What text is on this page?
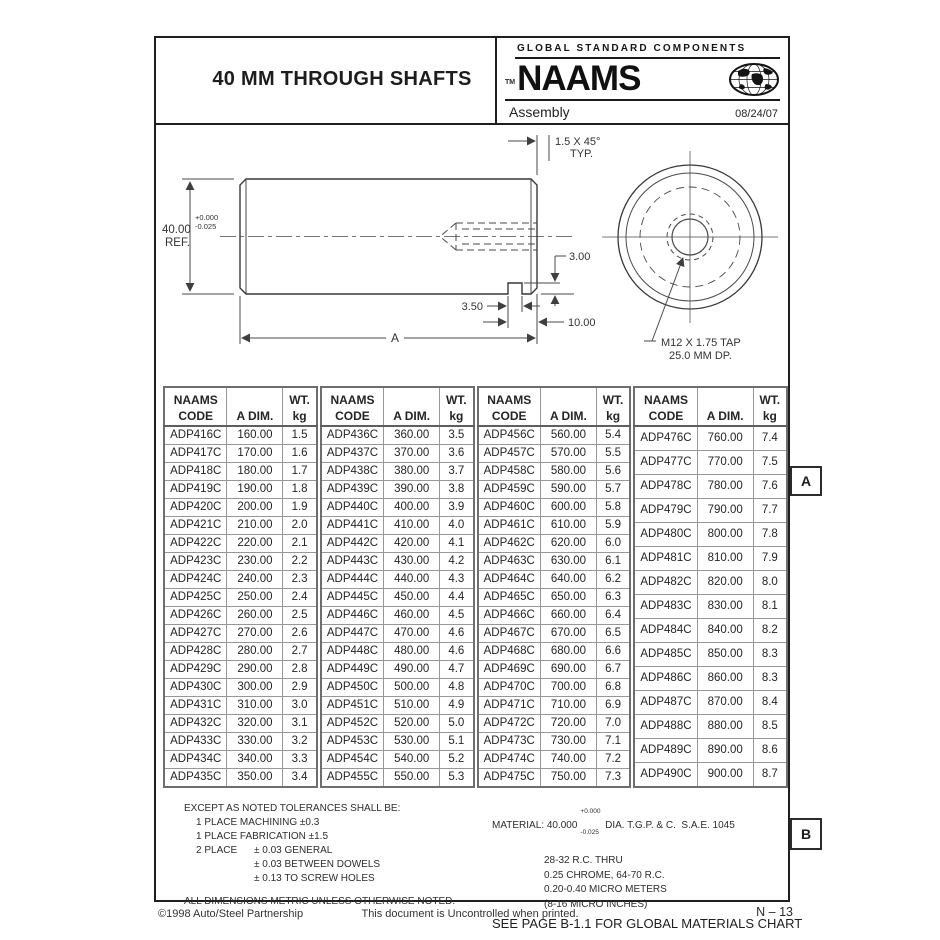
40 MM THROUGH SHAFTS
GLOBAL STANDARD COMPONENTS
TM NAAMS
Assembly	08/24/07
1.5 X 45°
TYP.
40.00
+0.000
-0.025
REF.
3.00
3.50
10.00
A	M12 X 1.75 TAP
25.0 MM DP.
NAAMS
CODE	A DIM.

WT.
kg

ADP416C	160.00	1.5
ADP417C	170.00	1.6
ADP418C	180.00	1.7
ADP419C	190.00	1.8
ADP420C	200.00	1.9
ADP421C	210.00	2.0
ADP422C	220.00	2.1
ADP423C	230.00	2.2
ADP424C	240.00	2.3
ADP425C	250.00	2.4
ADP426C	260.00	2.5
ADP427C	270.00	2.6
ADP428C	280.00	2.7
ADP429C	290.00	2.8
ADP430C	300.00	2.9
ADP431C	310.00	3.0
ADP432C	320.00	3.1
ADP433C	330.00	3.2
ADP434C	340.00	3.3
ADP435C	350.00	3.4
NAAMS
CODE	A DIM.

WT.
kg

ADP436C	360.00	3.5
ADP437C	370.00	3.6
ADP438C	380.00	3.7
ADP439C	390.00	3.8
ADP440C	400.00	3.9
ADP441C	410.00	4.0
ADP442C	420.00	4.1
ADP443C	430.00	4.2
ADP444C	440.00	4.3
ADP445C	450.00	4.4
ADP446C	460.00	4.5
ADP447C	470.00	4.6
ADP448C	480.00	4.6
ADP449C	490.00	4.7
ADP450C	500.00	4.8
ADP451C	510.00	4.9
ADP452C	520.00	5.0
ADP453C	530.00	5.1
ADP454C	540.00	5.2
ADP455C	550.00	5.3
NAAMS
CODE	A DIM.

WT.
kg

ADP456C	560.00	5.4
ADP457C	570.00	5.5
ADP458C	580.00	5.6
ADP459C	590.00	5.7
ADP460C	600.00	5.8
ADP461C	610.00	5.9
ADP462C	620.00	6.0
ADP463C	630.00	6.1
ADP464C	640.00	6.2
ADP465C	650.00	6.3
ADP466C	660.00	6.4
ADP467C	670.00	6.5
ADP468C	680.00	6.6
ADP469C	690.00	6.7
ADP470C	700.00	6.8
ADP471C	710.00	6.9
ADP472C	720.00	7.0
ADP473C	730.00	7.1
ADP474C	740.00	7.2
ADP475C	750.00	7.3
NAAMS
CODE	A DIM.

WT.
kg

ADP476C	760.00	7.4
ADP477C	770.00	7.5
ADP478C	780.00	7.6
ADP479C	790.00	7.7
ADP480C	800.00	7.8
ADP481C	810.00	7.9
ADP482C	820.00	8.0
ADP483C	830.00	8.1
ADP484C	840.00	8.2
ADP485C	850.00	8.3
ADP486C	860.00	8.3
ADP487C	870.00	8.4
ADP488C	880.00	8.5
ADP489C	890.00	8.6
ADP490C	900.00	8.7
EXCEPT AS NOTED TOLERANCES SHALL BE:
1 PLACE MACHINING ±0.3
1 PLACE FABRICATION ±1.5
2 PLACE	± 0.03 GENERAL
± 0.03 BETWEEN DOWELS
± 0.13 TO SCREW HOLES
ALL DIMENSIONS METRIC UNLESS OTHERWISE NOTED.
MATERIAL: 40.000

+0.000

-0.025

DIA. T.G.P. & C.  S.A.E. 1045
28-32 R.C. THRU
0.25 CHROME, 64-70 R.C.
0.20-0.40 MICRO METERS
(8-16 MICRO INCHES)
SEE PAGE B-1.1 FOR GLOBAL MATERIALS CHART
A
B
©1998 Auto/Steel Partnership	This document is Uncontrolled when printed.	N – 13
